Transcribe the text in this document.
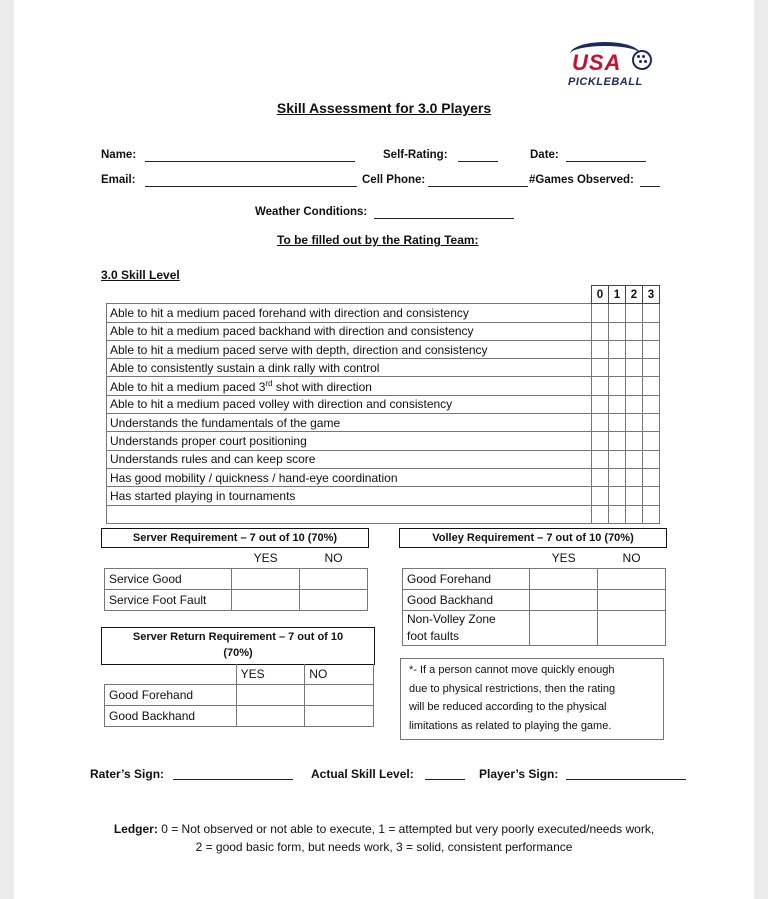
USA
PICKLEBALL
Skill Assessment for 3.0 Players
Name:	Self-Rating:	Date:
Email:	Cell Phone:	#Games Observed:
Weather Conditions:
To be filled out by the Rating Team:
3.0 Skill Level
	0	1	2	3
Able to hit a medium paced forehand with direction and consistency				
Able to hit a medium paced backhand with direction and consistency				
Able to hit a medium paced serve with depth, direction and consistency				
Able to consistently sustain a dink rally with control				
Able to hit a medium paced 3rd shot with direction				
Able to hit a medium paced volley with direction and consistency				
Understands the fundamentals of the game				
Understands proper court positioning				
Understands rules and can keep score				
Has good mobility / quickness / hand-eye coordination				
Has started playing in tournaments				

Server Requirement – 7 out of 10 (70%)
	YES	NO
Service Good		
Service Foot Fault		
Volley Requirement – 7 out of 10 (70%)
	YES	NO
Good Forehand		
Good Backhand		
Non-Volley Zone
foot faults		
Server Return Requirement – 7 out of 10
(70%)
	YES	NO
Good Forehand		
Good Backhand		
*- If a person cannot move quickly enough
due to physical restrictions, then the rating
will be reduced according to the physical
limitations as related to playing the game.
Rater’s Sign:	Actual Skill Level:	Player’s Sign:
Ledger: 0 = Not observed or not able to execute, 1 = attempted but very poorly executed/needs work,
2 = good basic form, but needs work, 3 = solid, consistent performance
